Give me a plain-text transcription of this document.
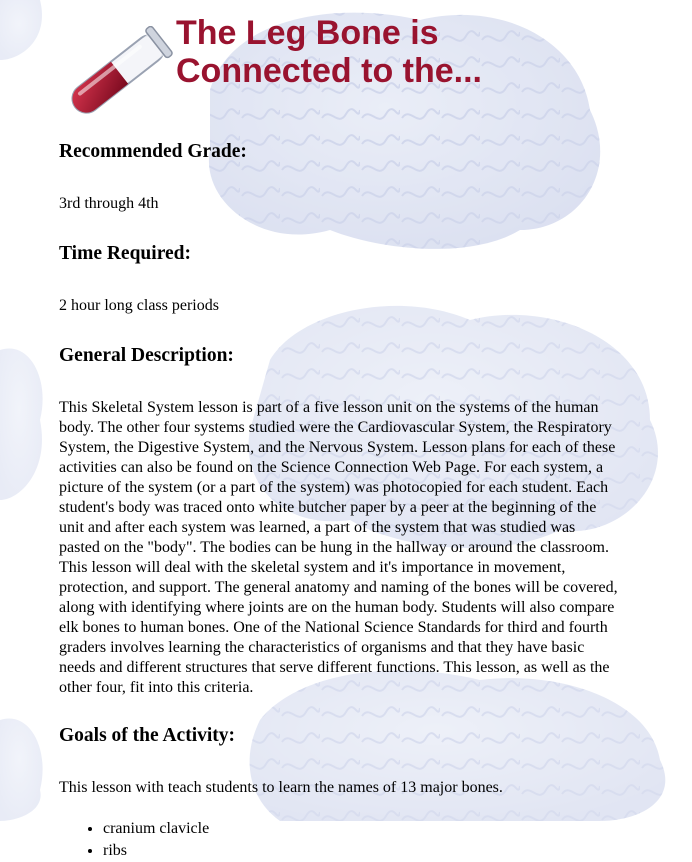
The Leg Bone is
Connected to the...
Recommended Grade:

3rd through 4th

Time Required:

2 hour long class periods

General Description:

This Skeletal System lesson is part of a five lesson unit on the systems of the human body. The other four systems studied were the Cardiovascular System, the Respiratory System, the Digestive System, and the Nervous System. Lesson plans for each of these activities can also be found on the Science Connection Web Page. For each system, a picture of the system (or a part of the system) was photocopied for each student. Each student's body was traced onto white butcher paper by a peer at the beginning of the unit and after each system was learned, a part of the system that was studied was pasted on the "body". The bodies can be hung in the hallway or around the classroom. This lesson will deal with the skeletal system and it's importance in movement, protection, and support. The general anatomy and naming of the bones will be covered, along with identifying where joints are on the human body. Students will also compare elk bones to human bones. One of the National Science Standards for third and fourth graders involves learning the characteristics of organisms and that they have basic needs and different structures that serve different functions. This lesson, as well as the other four, fit into this criteria.

Goals of the Activity:

This lesson with teach students to learn the names of 13 major bones.

• cranium clavicle
• ribs
